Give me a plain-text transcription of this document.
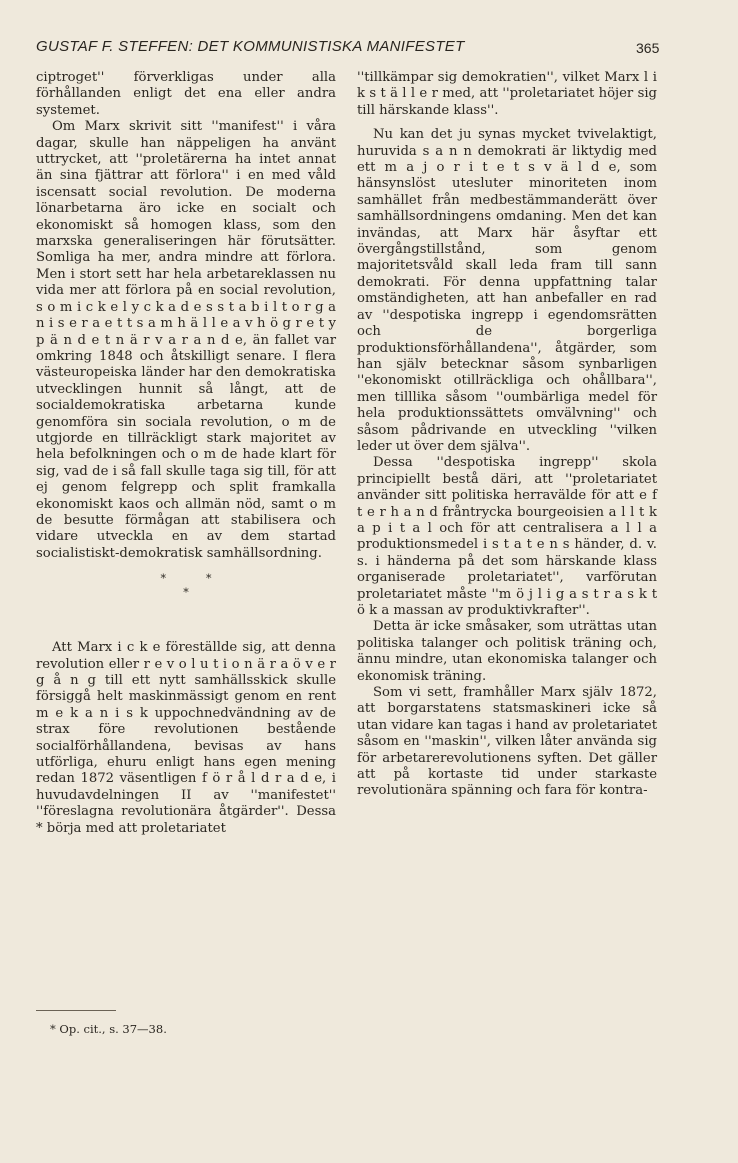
GUSTAF F. STEFFEN: DET KOMMUNISTISKA MANIFESTET	365

ciptroget'' förverkligas under alla förhållanden enligt det ena eller andra systemet.

Om Marx skrivit sitt ''manifest'' i våra dagar, skulle han näppeligen ha använt uttrycket, att ''proletärerna ha intet annat än sina fjättrar att förlora'' i en med våld iscensatt social revolution. De moderna lönarbetarna äro icke en socialt och ekonomiskt så homogen klass, som den marxska generaliseringen här förutsätter. Somliga ha mer, andra mindre att förlora. Men i stort sett har hela arbetareklassen nu vida mer att förlora på en social revolution, s o m i c k e l y c k a d e s s t a b i l t o r g a n i s e r a e t t s a m h ä l l e a v h ö g r e t y p ä n d e t n ä r v a r a n d e, än fallet var omkring 1848 och åtskilligt senare. I flera västeuropeiska länder har den demokratiska utvecklingen hunnit så långt, att de socialdemokratiska arbetarna kunde genomföra sin sociala revolution, o m de utgjorde en tillräckligt stark majoritet av hela befolkningen och o m de hade klart för sig, vad de i så fall skulle taga sig till, för att ej genom felgrepp och split framkalla ekonomiskt kaos och allmän nöd, samt o m de besutte förmågan att stabilisera och vidare utveckla en av dem startad socialistiskt-demokratisk samhällsordning.

**
*

Att Marx i c k e föreställde sig, att denna revolution eller r e v o l u t i o n ä r a ö v e r g å n g till ett nytt samhällsskick skulle försiggå helt maskinmässigt genom en rent m e k a n i s k uppochnedvändning av de strax före revolutionen bestående socialförhållandena, bevisas av hans utförliga, ehuru enligt hans egen mening redan 1872 väsentligen f ö r å l d r a d e, i huvudavdelningen II av ''manifestet'' ''föreslagna revolutionära åtgärder''. Dessa * börja med att proletariatet

''tillkämpar sig demokratien'', vilket Marx l i k s t ä l l e r med, att ''proletariatet höjer sig till härskande klass''.

Nu kan det ju synas mycket tvivelaktigt, huruvida s a n n demokrati är liktydig med ett m a j o r i t e t s v ä l d e, som hänsynslöst utesluter minoriteten inom samhället från medbestämmanderätt över samhällsordningens omdaning. Men det kan invändas, att Marx här åsyftar ett övergångstillstånd, som genom majoritetsvåld skall leda fram till sann demokrati. För denna uppfattning talar omständigheten, att han anbefaller en rad av ''despotiska ingrepp i egendomsrätten och de borgerliga produktionsförhållandena'', åtgärder, som han själv betecknar såsom synbarligen ''ekonomiskt otillräckliga och ohållbara'', men tilllika såsom ''oumbärliga medel för hela produktionssättets omvälvning'' och såsom pådrivande en utveckling ''vilken leder ut över dem själva''.

Dessa ''despotiska ingrepp'' skola principiellt bestå däri, att ''proletariatet använder sitt politiska herravälde för att e f t e r h a n d fråntrycka bourgeoisien a l l t k a p i t a l och för att centralisera a l l a produktionsmedel i s t a t e n s händer, d. v. s. i händerna på det som härskande klass organiserade proletariatet'', varförutan proletariatet måste ''m ö j l i g a s t r a s k t ö k a massan av produktivkrafter''.

Detta är icke småsaker, som uträttas utan politiska talanger och politisk träning och, ännu mindre, utan ekonomiska talanger och ekonomisk träning.

Som vi sett, framhåller Marx själv 1872, att borgarstatens statsmaskineri icke så utan vidare kan tagas i hand av proletariatet såsom en ''maskin'', vilken låter använda sig för arbetarerevolutionens syften. Det gäller att på kortaste tid under starkaste revolutionära spänning och fara för kontra-

* Op. cit., s. 37—38.
